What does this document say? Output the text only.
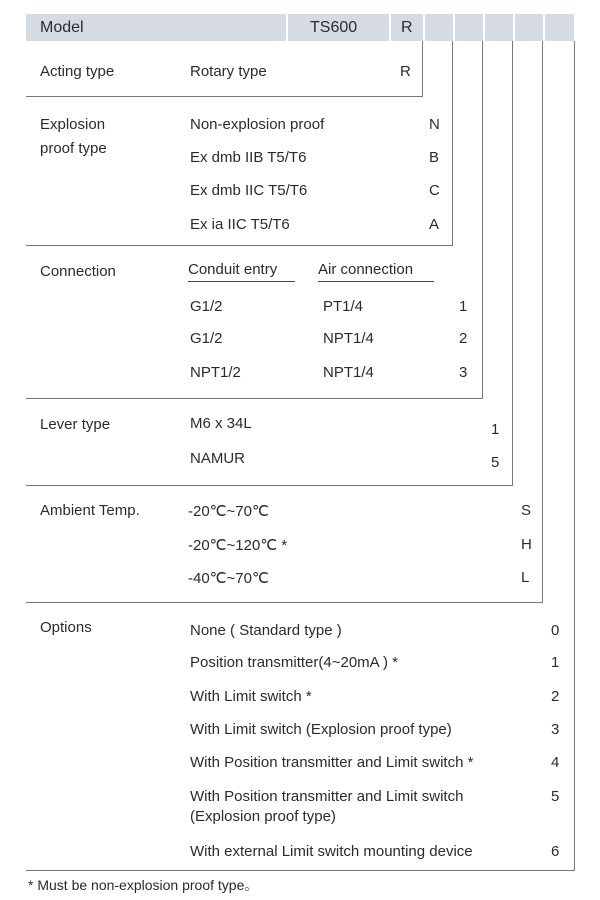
Model	TS600	R
Acting type	Rotary type	R
Explosion
proof type
Non-explosion proof	N
Ex dmb IIB T5/T6	B
Ex dmb IIC T5/T6	C
Ex ia IIC T5/T6	A
Connection	Conduit entry	Air connection
G1/2	PT1/4	1
G1/2	NPT1/4	2
NPT1/2	NPT1/4	3
Lever type	M6 x 34L	1
NAMUR	5
Ambient Temp.	-20℃~70℃	S
-20℃~120℃ *	H
-40℃~70℃	L
Options	None ( Standard type )	0
Position transmitter(4~20mA ) *	1
With Limit switch *	2
With Limit switch (Explosion proof type)	3
With Position transmitter and Limit switch *	4
With Position transmitter and Limit switch
(Explosion proof type)
5
With external Limit switch mounting device	6
* Must be non-explosion proof type。
